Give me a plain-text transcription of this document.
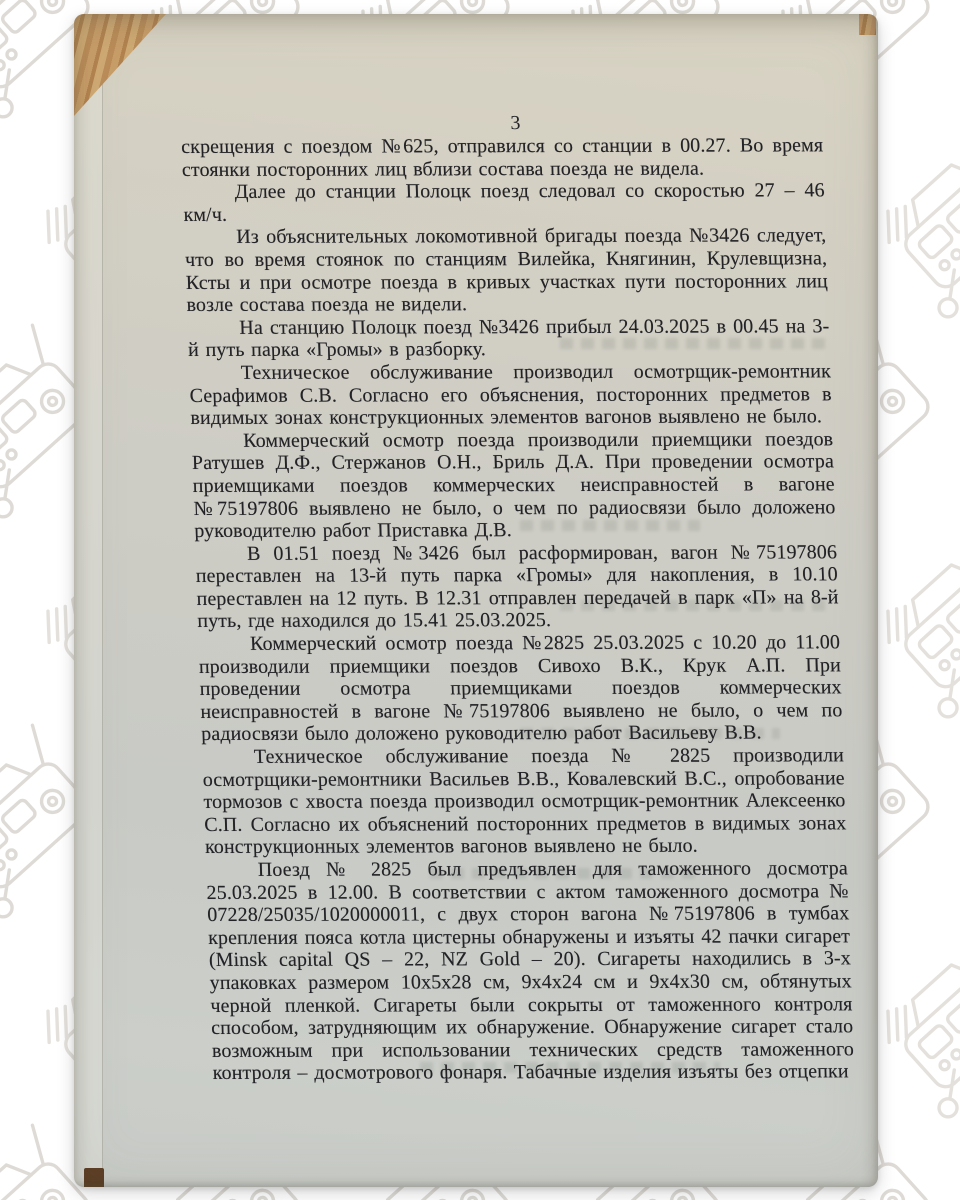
3

скрещения с поездом №625, отправился со станции в 00.27. Во время стоянки посторонних лиц вблизи состава поезда не видела.

Далее до станции Полоцк поезд следовал со скоростью 27 – 46 км/ч.

Из объяснительных локомотивной бригады поезда №3426 следует, что во время стоянок по станциям Вилейка, Княгинин, Крулевщизна, Ксты и при осмотре поезда в кривых участках пути посторонних лиц возле состава поезда не видели.

На станцию Полоцк поезд №3426 прибыл 24.03.2025 в 00.45 на 3-й путь парка «Громы» в разборку.

Техническое обслуживание производил осмотрщик-ремонтник Серафимов С.В. Согласно его объяснения, посторонних предметов в видимых зонах конструкционных элементов вагонов выявлено не было.

Коммерческий осмотр поезда производили приемщики поездов Ратушев Д.Ф., Стержанов О.Н., Бриль Д.А. При проведении осмотра приемщиками поездов коммерческих неисправностей в вагоне №75197806 выявлено не было, о чем по радиосвязи было доложено руководителю работ Приставка Д.В.

В 01.51 поезд №3426 был расформирован, вагон №75197806 переставлен на 13-й путь парка «Громы» для накопления, в 10.10 переставлен на 12 путь. В 12.31 отправлен передачей в парк «П» на 8-й путь, где находился до 15.41 25.03.2025.

Коммерческий осмотр поезда №2825 25.03.2025 с 10.20 до 11.00 производили приемщики поездов Сивохо В.К., Крук А.П. При проведении осмотра приемщиками поездов коммерческих неисправностей в вагоне №75197806 выявлено не было, о чем по радиосвязи было доложено руководителю работ Васильеву В.В.

Техническое обслуживание поезда № 2825 производили осмотрщики-ремонтники Васильев В.В., Ковалевский В.С., опробование тормозов с хвоста поезда производил осмотрщик-ремонтник Алексеенко С.П. Согласно их объяснений посторонних предметов в видимых зонах конструкционных элементов вагонов выявлено не было.

Поезд № 2825 был предъявлен для таможенного досмотра 25.03.2025 в 12.00. В соответствии с актом таможенного досмотра № 07228/25035/1020000011, с двух сторон вагона №75197806 в тумбах крепления пояса котла цистерны обнаружены и изъяты 42 пачки сигарет (Minsk capital QS – 22, NZ Gold – 20). Сигареты находились в 3-х упаковках размером 10х5х28 см, 9х4х24 см и 9х4х30 см, обтянутых черной пленкой. Сигареты были сокрыты от таможенного контроля способом, затрудняющим их обнаружение. Обнаружение сигарет стало возможным при использовании технических средств таможенного контроля – досмотрового фонаря. Табачные изделия изъяты без отцепки
